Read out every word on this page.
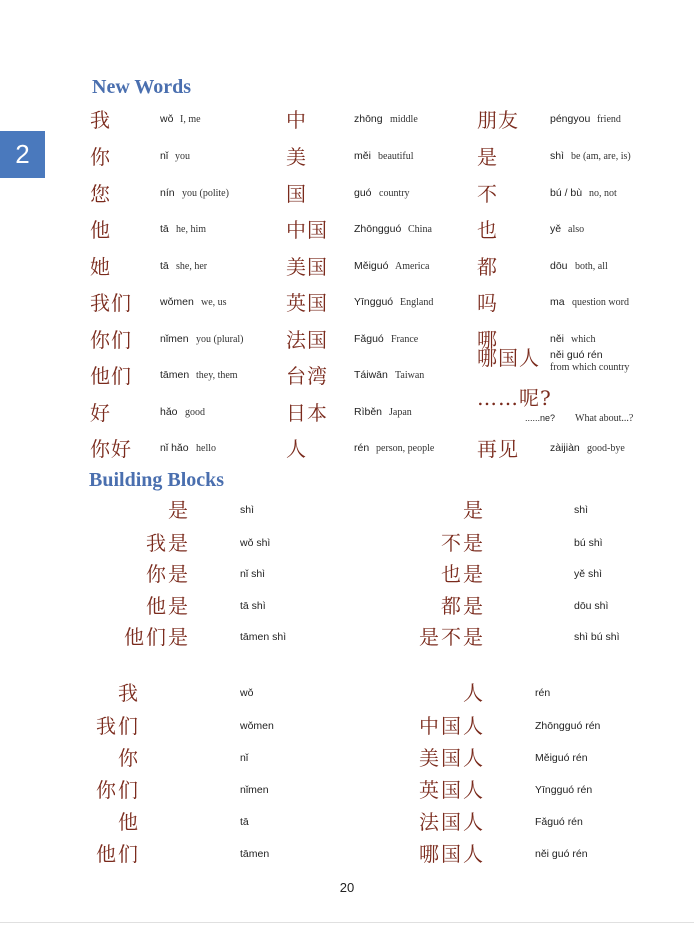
2
New Words
Building Blocks
我	wǒ I, me
你	nǐ you
您	nín you (polite)
他	tā he, him
她	tā she, her
我们	wǒmen we, us
你们	nǐmen you (plural)
他们	tāmen they, them
好	hǎo good
你好	nǐ hǎo hello
中	zhōng middle
美	měi beautiful
国	guó country
中国 Zhōngguó China
美国 Měiguó America
英国 Yīngguó England
法国 Fǎguó France
台湾 Táiwān Taiwan
日本 Rìběn Japan
人	rén person, people
朋友	péngyou friend
是	shì be (am, are, is)
不	bú / bù no, not
也	yě also
都	dōu both, all
吗	ma question word
哪	něi which
哪国人 něi guó rén
from which country
……呢?
......ne? What about...?
再见	zàijiàn good-bye
是	shì
我是	wǒ shì
你是	nǐ shì
他是	tā shì
他们是	tāmen shì
是	shì
不是	bú shì
也是	yě shì
都是	dōu shì
是不是	shì bú shì
我	wǒ
我们	wǒmen
你	nǐ
你们	nǐmen
他	tā
他们	tāmen
人	rén
中国人	Zhōngguó rén
美国人	Měiguó rén
英国人	Yīngguó rén
法国人	Fǎguó rén
哪国人	něi guó rén
20
